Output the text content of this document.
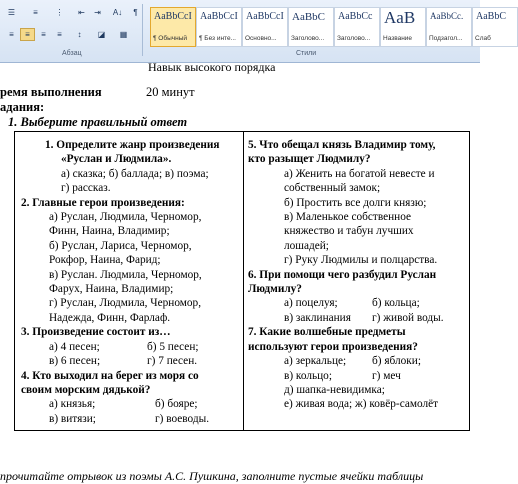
☰	≡	⋮	⇤	⇥	A↓	¶
≡	≡	≡	≡	↕	◪	▦
Абзац
AaBbCcI
¶ Обычный
AaBbCcI
¶ Без инте...
AaBbCcI
Основно...
AaBbC
Заголово...
AaBbCc
Заголово...
AaB
Название
AaBbCc.
Подзагол...
AaBbC
Слаб
Стили
Навык высокого порядка
ремя выполнения	20 минут
адания:
1. Выберите правильный ответ
1. Определите жанр произведения
«Руслан и Людмила».
а) сказка; б) баллада; в) поэма;
г) рассказ.
2. Главные герои произведения:
а) Руслан, Людмила, Черномор,
Финн, Наина, Владимир;
б) Руслан, Лариса, Черномор,
Рокфор, Наина, Фарид;
в) Руслан. Людмила, Черномор,
Фарух, Наина, Владимир;
г) Руслан, Людмила, Черномор,
Надежда, Финн, Фарлаф.
3. Произведение состоит из…
а) 4 песен;	б) 5 песен;
в) 6 песен;	г) 7 песен.
4. Кто выходил на берег из моря со
своим морским дядькой?
а) князья;	б) бояре;
в) витязи;	г) воеводы.

5. Что обещал князь Владимир тому,
кто разыщет Людмилу?
а) Женить на богатой невесте и
собственный замок;
б) Простить все долги князю;
в) Маленькое собственное
княжество и табун лучших
лошадей;
г) Руку Людмилы и полцарства.
6. При помощи чего разбудил Руслан
Людмилу?
а) поцелуя;	б) кольца;
в) заклинания г) живой воды.
7. Какие волшебные предметы
используют герои произведения?
а) зеркальце; б) яблоки;
в) кольцо;	г) меч
д) шапка-невидимка;
е) живая вода; ж) ковёр-самолёт
прочитайте отрывок из поэмы А.С. Пушкина, заполните пустые ячейки таблицы
